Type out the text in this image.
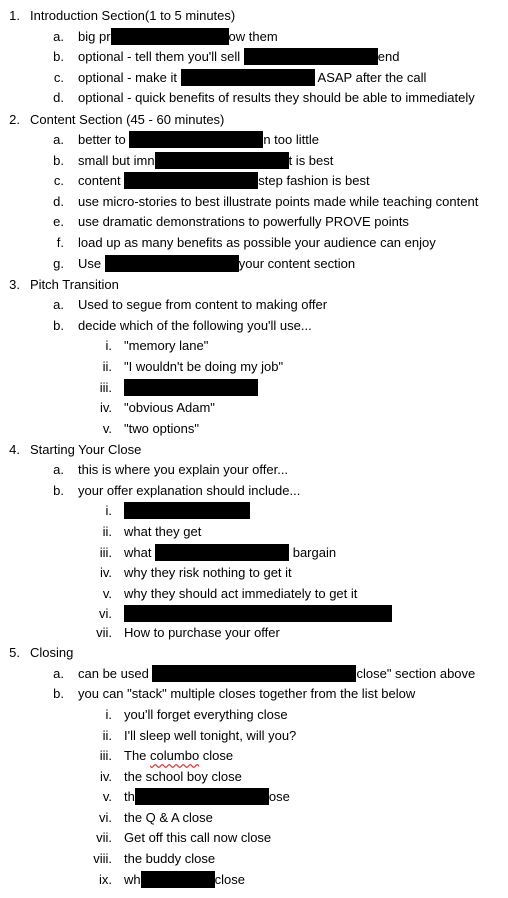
1. Introduction Section(1 to 5 minutes)
a. big pr	ow them
b. optional - tell them you'll sell	end
c. optional - make it	ASAP after the call
d. optional - quick benefits of results they should be able to immediately
2. Content Section (45 - 60 minutes)
a. better to	n too little
b. small but imn	t is best
c. content	step fashion is best
d. use micro-stories to best illustrate points made while teaching content
e. use dramatic demonstrations to powerfully PROVE points
f. load up as many benefits as possible your audience can enjoy
g. Use	your content section
3. Pitch Transition
a. Used to segue from content to making offer
b. decide which of the following you'll use...
i. "memory lane"
ii. "I wouldn't be doing my job"
iii.
iv. "obvious Adam"
v. "two options"
4. Starting Your Close
a. this is where you explain your offer...
b. your offer explanation should include...
i.
ii. what they get
iii. what	bargain
iv. why they risk nothing to get it
v. why they should act immediately to get it
vi.
vii. How to purchase your offer
5. Closing
a. can be used	close" section above
b. you can "stack" multiple closes together from the list below
i. you'll forget everything close
ii. I'll sleep well tonight, will you?
iii. The columbo close
iv. the school boy close
v. th	ose
vi. the Q & A close
vii. Get off this call now close
viii. the buddy close
ix. wh	close
